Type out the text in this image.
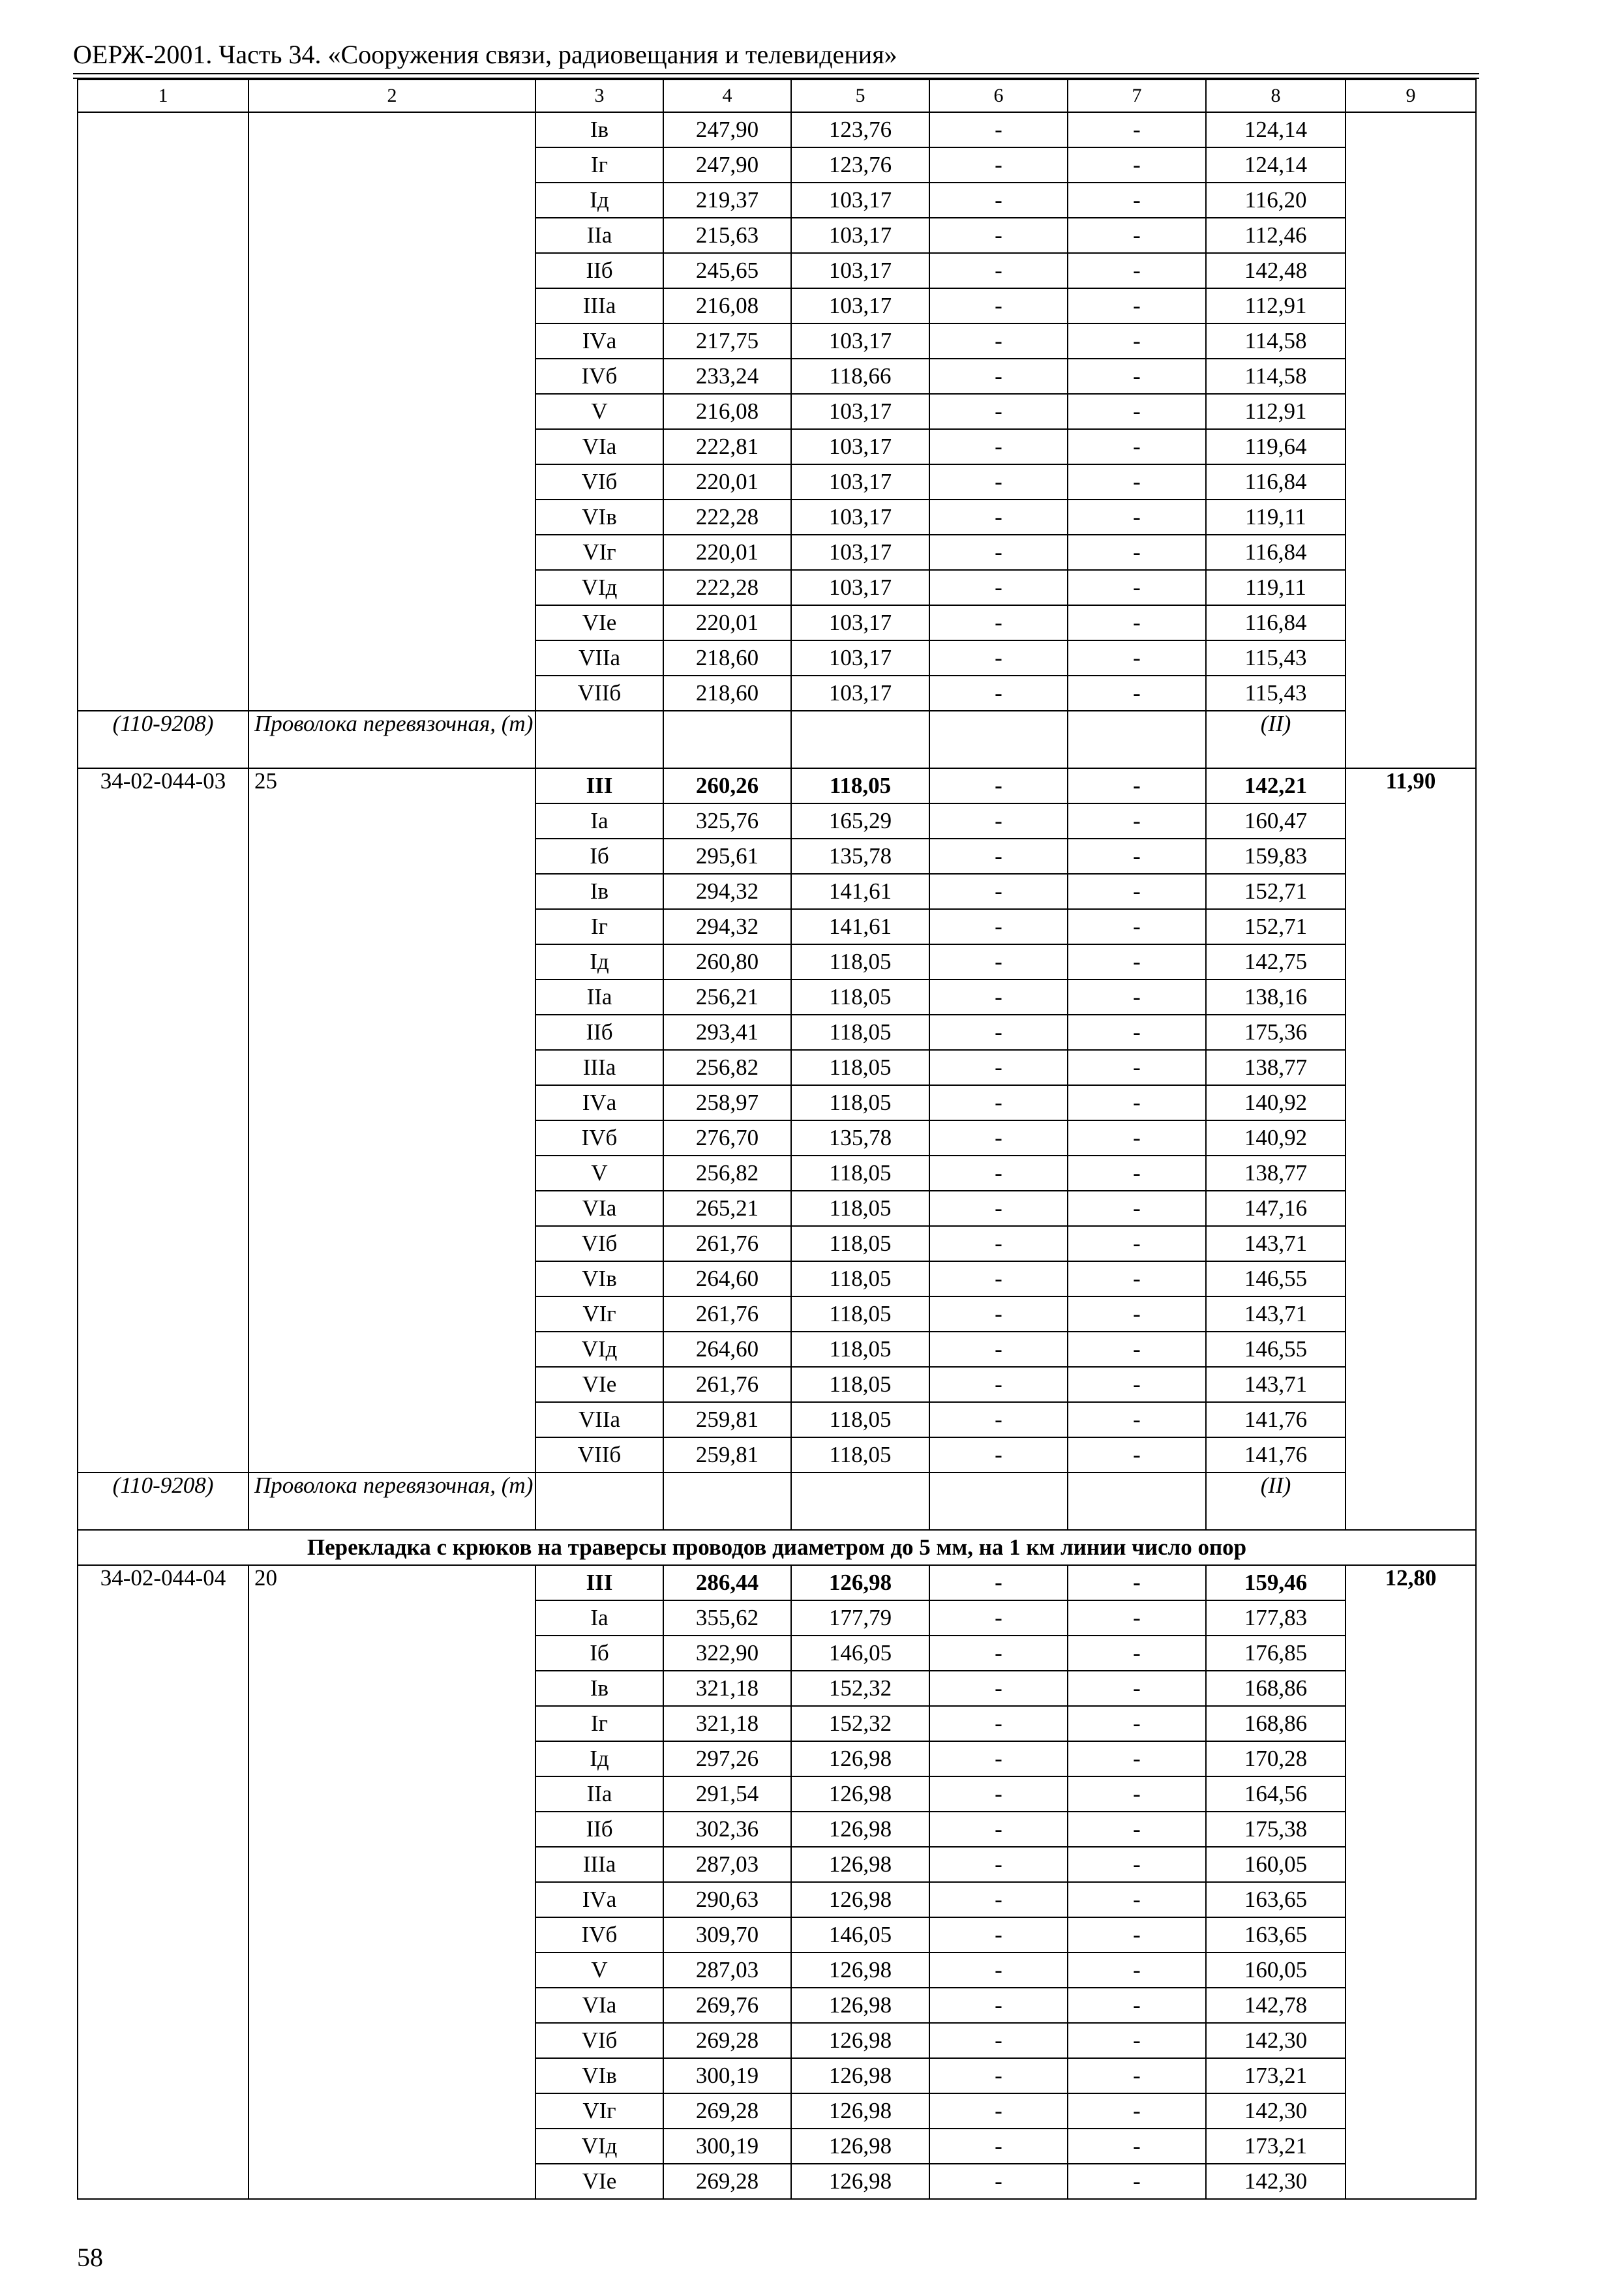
ОЕРЖ-2001. Часть 34. «Сооружения связи, радиовещания и телевидения»
1	2	3	4	5	6	7	8	9
		Iв	247,90	123,76	-	-	124,14	
		Iг	247,90	123,76	-	-	124,14	
		Iд	219,37	103,17	-	-	116,20	
		IIа	215,63	103,17	-	-	112,46	
		IIб	245,65	103,17	-	-	142,48	
		IIIа	216,08	103,17	-	-	112,91	
		IVа	217,75	103,17	-	-	114,58	
		IVб	233,24	118,66	-	-	114,58	
		V	216,08	103,17	-	-	112,91	
		VIа	222,81	103,17	-	-	119,64	
		VIб	220,01	103,17	-	-	116,84	
		VIв	222,28	103,17	-	-	119,11	
		VIг	220,01	103,17	-	-	116,84	
		VIд	222,28	103,17	-	-	119,11	
		VIе	220,01	103,17	-	-	116,84	
		VIIа	218,60	103,17	-	-	115,43	
		VIIб	218,60	103,17	-	-	115,43	
(110-9208)	Проволока перевязочная, (т)						(II)	
34-02-044-03	25	III	260,26	118,05	-	-	142,21	11,90
		Iа	325,76	165,29	-	-	160,47	
		Iб	295,61	135,78	-	-	159,83	
		Iв	294,32	141,61	-	-	152,71	
		Iг	294,32	141,61	-	-	152,71	
		Iд	260,80	118,05	-	-	142,75	
		IIа	256,21	118,05	-	-	138,16	
		IIб	293,41	118,05	-	-	175,36	
		IIIа	256,82	118,05	-	-	138,77	
		IVа	258,97	118,05	-	-	140,92	
		IVб	276,70	135,78	-	-	140,92	
		V	256,82	118,05	-	-	138,77	
		VIа	265,21	118,05	-	-	147,16	
		VIб	261,76	118,05	-	-	143,71	
		VIв	264,60	118,05	-	-	146,55	
		VIг	261,76	118,05	-	-	143,71	
		VIд	264,60	118,05	-	-	146,55	
		VIе	261,76	118,05	-	-	143,71	
		VIIа	259,81	118,05	-	-	141,76	
		VIIб	259,81	118,05	-	-	141,76	
(110-9208)	Проволока перевязочная, (т)						(II)	
Перекладка с крюков на траверсы проводов диаметром до 5 мм, на 1 км линии число опор								
34-02-044-04	20	III	286,44	126,98	-	-	159,46	12,80
		Iа	355,62	177,79	-	-	177,83	
		Iб	322,90	146,05	-	-	176,85	
		Iв	321,18	152,32	-	-	168,86	
		Iг	321,18	152,32	-	-	168,86	
		Iд	297,26	126,98	-	-	170,28	
		IIа	291,54	126,98	-	-	164,56	
		IIб	302,36	126,98	-	-	175,38	
		IIIа	287,03	126,98	-	-	160,05	
		IVа	290,63	126,98	-	-	163,65	
		IVб	309,70	146,05	-	-	163,65	
		V	287,03	126,98	-	-	160,05	
		VIа	269,76	126,98	-	-	142,78	
		VIб	269,28	126,98	-	-	142,30	
		VIв	300,19	126,98	-	-	173,21	
		VIг	269,28	126,98	-	-	142,30	
		VIд	300,19	126,98	-	-	173,21	
		VIе	269,28	126,98	-	-	142,30	
58
